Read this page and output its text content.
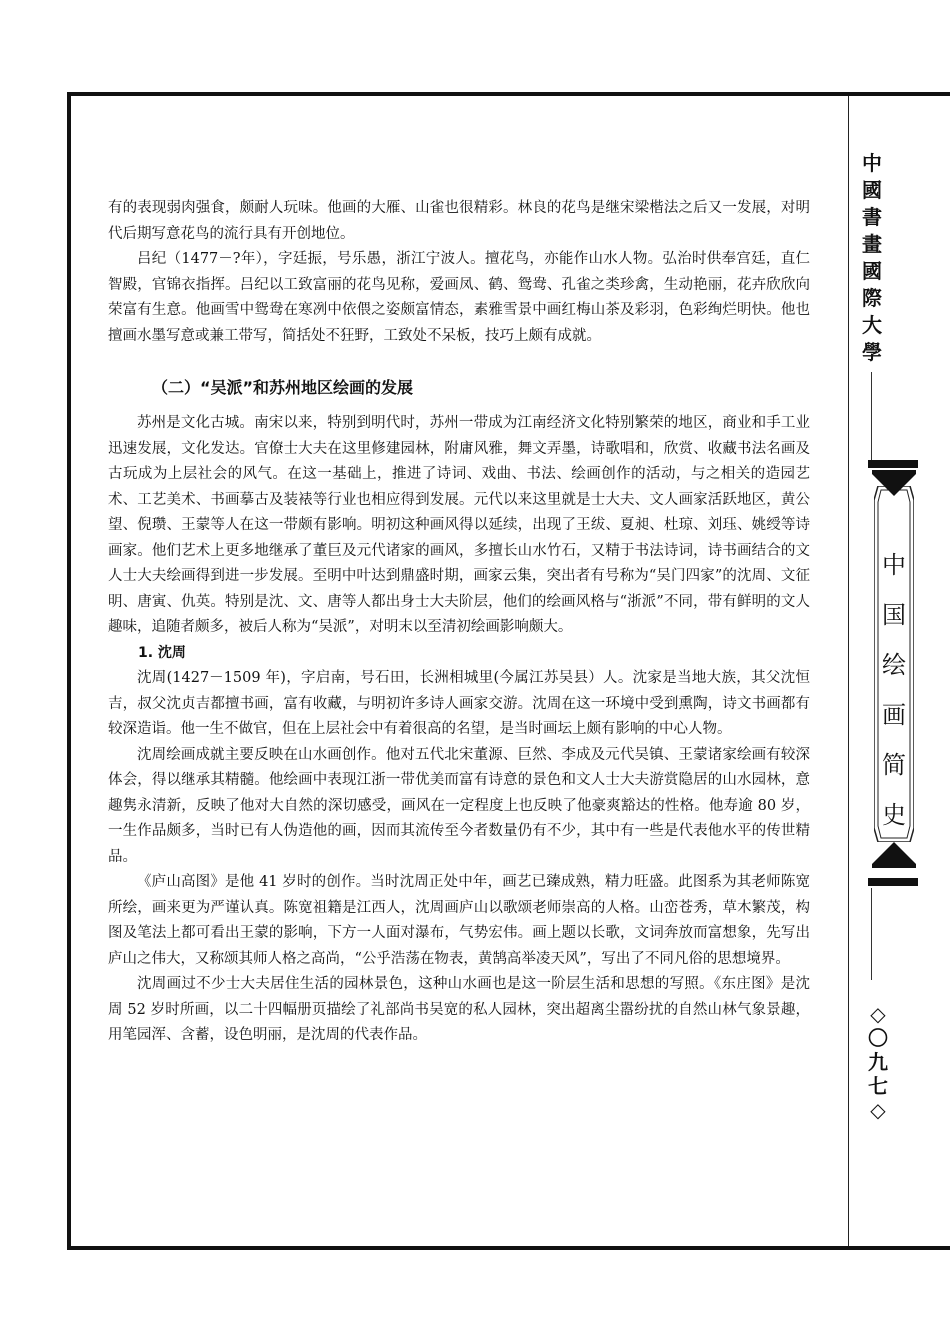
中
國
書
畫
國
際
大
學
中
国
绘
画
简
史
◇
〇
九
七
◇

有的表现弱肉强食，颇耐人玩味。他画的大雁、山雀也很精彩。林良的花鸟是继宋梁楷法之后又一发展，对明代后期写意花鸟的流行具有开创地位。

吕纪（1477－?年），字廷振，号乐愚，浙江宁波人。擅花鸟，亦能作山水人物。弘治时供奉宫廷，直仁智殿，官锦衣指挥。吕纪以工致富丽的花鸟见称，爱画凤、鹤、鸳鸯、孔雀之类珍禽，生动艳丽，花卉欣欣向荣富有生意。他画雪中鸳鸯在寒冽中依偎之姿颇富情态，素雅雪景中画红梅山茶及彩羽，色彩绚烂明快。他也擅画水墨写意或兼工带写，简括处不狂野，工致处不呆板，技巧上颇有成就。

（二）“吴派”和苏州地区绘画的发展

苏州是文化古城。南宋以来，特别到明代时，苏州一带成为江南经济文化特别繁荣的地区，商业和手工业迅速发展，文化发达。官僚士大夫在这里修建园林，附庸风雅，舞文弄墨，诗歌唱和，欣赏、收藏书法名画及古玩成为上层社会的风气。在这一基础上，推进了诗词、戏曲、书法、绘画创作的活动，与之相关的造园艺术、工艺美术、书画摹古及装裱等行业也相应得到发展。元代以来这里就是士大夫、文人画家活跃地区，黄公望、倪瓒、王蒙等人在这一带颇有影响。明初这种画风得以延续，出现了王绂、夏昶、杜琼、刘珏、姚绶等诗画家。他们艺术上更多地继承了董巨及元代诸家的画风，多擅长山水竹石，又精于书法诗词，诗书画结合的文人士大夫绘画得到进一步发展。至明中叶达到鼎盛时期，画家云集，突出者有号称为“吴门四家”的沈周、文征明、唐寅、仇英。特别是沈、文、唐等人都出身士大夫阶层，他们的绘画风格与“浙派”不同，带有鲜明的文人趣味，追随者颇多，被后人称为“吴派”，对明末以至清初绘画影响颇大。

1. 沈周

沈周(1427－1509 年)，字启南，号石田，长洲相城里(今属江苏吴县）人。沈家是当地大族，其父沈恒吉，叔父沈贞吉都擅书画，富有收藏，与明初许多诗人画家交游。沈周在这一环境中受到熏陶，诗文书画都有较深造诣。他一生不做官，但在上层社会中有着很高的名望，是当时画坛上颇有影响的中心人物。

沈周绘画成就主要反映在山水画创作。他对五代北宋董源、巨然、李成及元代吴镇、王蒙诸家绘画有较深体会，得以继承其精髓。他绘画中表现江浙一带优美而富有诗意的景色和文人士大夫游赏隐居的山水园林，意趣隽永清新，反映了他对大自然的深切感受，画风在一定程度上也反映了他豪爽豁达的性格。他寿逾 80 岁，一生作品颇多，当时已有人伪造他的画，因而其流传至今者数量仍有不少，其中有一些是代表他水平的传世精品。

《庐山高图》是他 41 岁时的创作。当时沈周正处中年，画艺已臻成熟，精力旺盛。此图系为其老师陈宽所绘，画来更为严谨认真。陈宽祖籍是江西人，沈周画庐山以歌颂老师崇高的人格。山峦苍秀，草木繁茂，构图及笔法上都可看出王蒙的影响，下方一人面对瀑布，气势宏伟。画上题以长歌，文词奔放而富想象，先写出庐山之伟大，又称颂其师人格之高尚，“公乎浩荡在物表，黄鹄高举凌天风”，写出了不同凡俗的思想境界。

沈周画过不少士大夫居住生活的园林景色，这种山水画也是这一阶层生活和思想的写照。《东庄图》是沈周 52 岁时所画，以二十四幅册页描绘了礼部尚书吴宽的私人园林，突出超离尘嚣纷扰的自然山林气象景趣，用笔园浑、含蓄，设色明丽，是沈周的代表作品。
